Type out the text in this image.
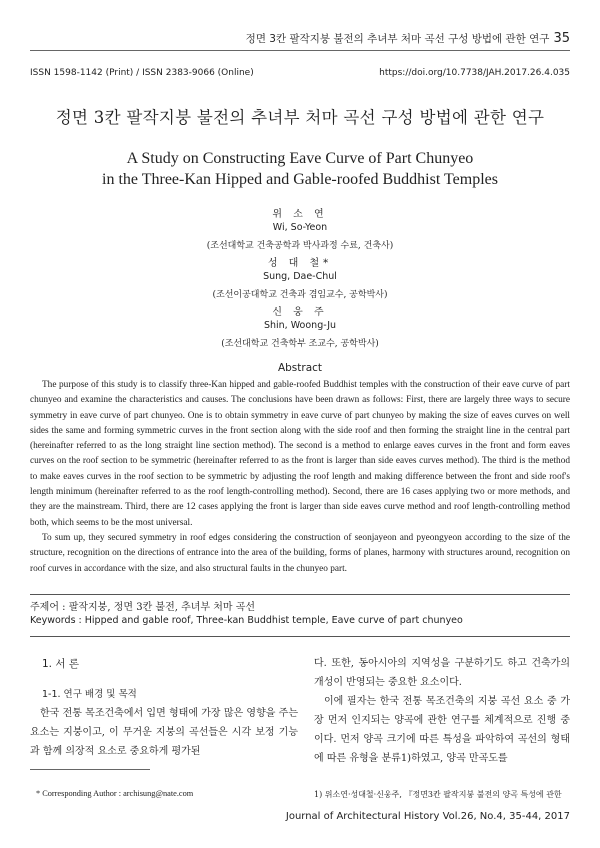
정면 3칸 팔작지붕 불전의 추녀부 처마 곡선 구성 방법에 관한 연구 35
ISSN 1598-1142 (Print) / ISSN 2383-9066 (Online)	https://doi.org/10.7738/JAH.2017.26.4.035
정면 3칸 팔작지붕 불전의 추녀부 처마 곡선 구성 방법에 관한 연구
A Study on Constructing Eave Curve of Part Chunyeo
in the Three-Kan Hipped and Gable-roofed Buddhist Temples
위 소 연
Wi, So-Yeon
(조선대학교 건축공학과 박사과정 수료, 건축사)
성 대 철*
Sung, Dae-Chul
(조선이공대학교 건축과 겸임교수, 공학박사)
신 웅 주
Shin, Woong-Ju
(조선대학교 건축학부 조교수, 공학박사)
Abstract

The purpose of this study is to classify three-Kan hipped and gable-roofed Buddhist temples with the construction of their eave curve of part chunyeo and examine the characteristics and causes. The conclusions have been drawn as follows: First, there are largely three ways to secure symmetry in eave curve of part chunyeo. One is to obtain symmetry in eave curve of part chunyeo by making the size of eaves curves on well sides the same and forming symmetric curves in the front section along with the side roof and then forming the straight line in the central part (hereinafter referred to as the long straight line section method). The second is a method to enlarge eaves curves in the front and form eaves curves on the roof section to be symmetric (hereinafter referred to as the front is larger than side eaves curves method). The third is the method to make eaves curves in the roof section to be symmetric by adjusting the roof length and making difference between the front and side roof's length minimum (hereinafter referred to as the roof length-controlling method). Second, there are 16 cases applying two or more methods, and they are the mainstream. Third, there are 12 cases applying the front is larger than side eaves curve method and roof length-controlling method both, which seems to be the most universal.

To sum up, they secured symmetry in roof edges considering the construction of seonjayeon and pyeongyeon according to the size of the structure, recognition on the directions of entrance into the area of the building, forms of planes, harmony with structures around, recognition on roof curves in accordance with the size, and also structural faults in the chunyeo part.

주제어 : 팔작지붕, 정면 3칸 불전, 추녀부 처마 곡선
Keywords : Hipped and gable roof, Three-kan Buddhist temple, Eave curve of part chunyeo
1. 서 론
1-1. 연구 배경 및 목적

한국 전통 목조건축에서 입면 형태에 가장 많은 영향을 주는 요소는 지붕이고, 이 무거운 지붕의 곡선들은 시각 보정 기능과 함께 의장적 요소로 중요하게 평가된

* Corresponding Author : archisung@nate.com

다. 또한, 동아시아의 지역성을 구분하기도 하고 건축가의 개성이 반영되는 중요한 요소이다.

이에 필자는 한국 전통 목조건축의 지붕 곡선 요소 중 가장 먼저 인지되는 양곡에 관한 연구를 체계적으로 진행 중이다. 먼저 양곡 크기에 따른 특성을 파악하여 곡선의 형태에 따른 유형을 분류1)하였고, 양곡 만곡도를

1) 위소연·성대철·신웅주, 『정면3칸 팔작지붕 불전의 양곡 특성에 관한
Journal of Architectural History Vol.26, No.4, 35-44, 2017
